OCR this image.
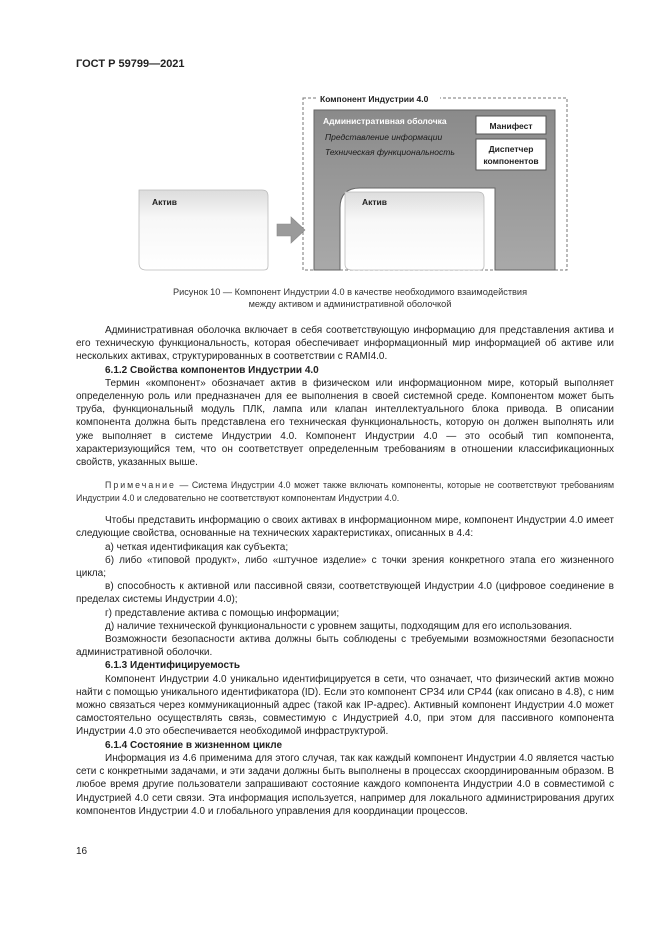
ГОСТ Р 59799—2021
Компонент Индустрии 4.0
Административная оболочка
Представление информации
Техническая функциональность
Манифест
Диспетчер
компонентов
Актив
Актив
Рисунок 10 — Компонент Индустрии 4.0 в качестве необходимого взаимодействия
между активом и административной оболочкой

Административная оболочка включает в себя соответствующую информацию для представления актива и его техническую функциональность, которая обеспечивает информационный мир информацией об активе или нескольких активах, структурированных в соответствии с RAMI4.0.

6.1.2 Свойства компонентов Индустрии 4.0

Термин «компонент» обозначает актив в физическом или информационном мире, который выполняет определенную роль или предназначен для ее выполнения в своей системной среде. Компонентом может быть труба, функциональный модуль ПЛК, лампа или клапан интеллектуального блока привода. В описании компонента должна быть представлена его техническая функциональность, которую он должен выполнять или уже выполняет в системе Индустрии 4.0. Компонент Индустрии 4.0 — это особый тип компонента, характеризующийся тем, что он соответствует определенным требованиям в отношении классификационных свойств, указанных выше.

Примечание — Система Индустрии 4.0 может также включать компоненты, которые не соответствуют требованиям Индустрии 4.0 и следовательно не соответствуют компонентам Индустрии 4.0.

Чтобы представить информацию о своих активах в информационном мире, компонент Индустрии 4.0 имеет следующие свойства, основанные на технических характеристиках, описанных в 4.4:

а) четкая идентификация как субъекта;

б) либо «типовой продукт», либо «штучное изделие» с точки зрения конкретного этапа его жизненного цикла;

в) способность к активной или пассивной связи, соответствующей Индустрии 4.0 (цифровое соединение в пределах системы Индустрии 4.0);

г) представление актива с помощью информации;

д) наличие технической функциональности с уровнем защиты, подходящим для его использования.

Возможности безопасности актива должны быть соблюдены с требуемыми возможностями безопасности административной оболочки.

6.1.3 Идентифицируемость

Компонент Индустрии 4.0 уникально идентифицируется в сети, что означает, что физический актив можно найти с помощью уникального идентификатора (ID). Если это компонент СР34 или СР44 (как описано в 4.8), с ним можно связаться через коммуникационный адрес (такой как IP-адрес). Активный компонент Индустрии 4.0 может самостоятельно осуществлять связь, совместимую с Индустрией 4.0, при этом для пассивного компонента Индустрии 4.0 это обеспечивается необходимой инфраструктурой.

6.1.4 Состояние в жизненном цикле

Информация из 4.6 применима для этого случая, так как каждый компонент Индустрии 4.0 является частью сети с конкретными задачами, и эти задачи должны быть выполнены в процессах скоординированным образом. В любое время другие пользователи запрашивают состояние каждого компонента Индустрии 4.0 в совместимой с Индустрией 4.0 сети связи. Эта информация используется, например для локального администрирования других компонентов Индустрии 4.0 и глобального управления для координации процессов.

16
